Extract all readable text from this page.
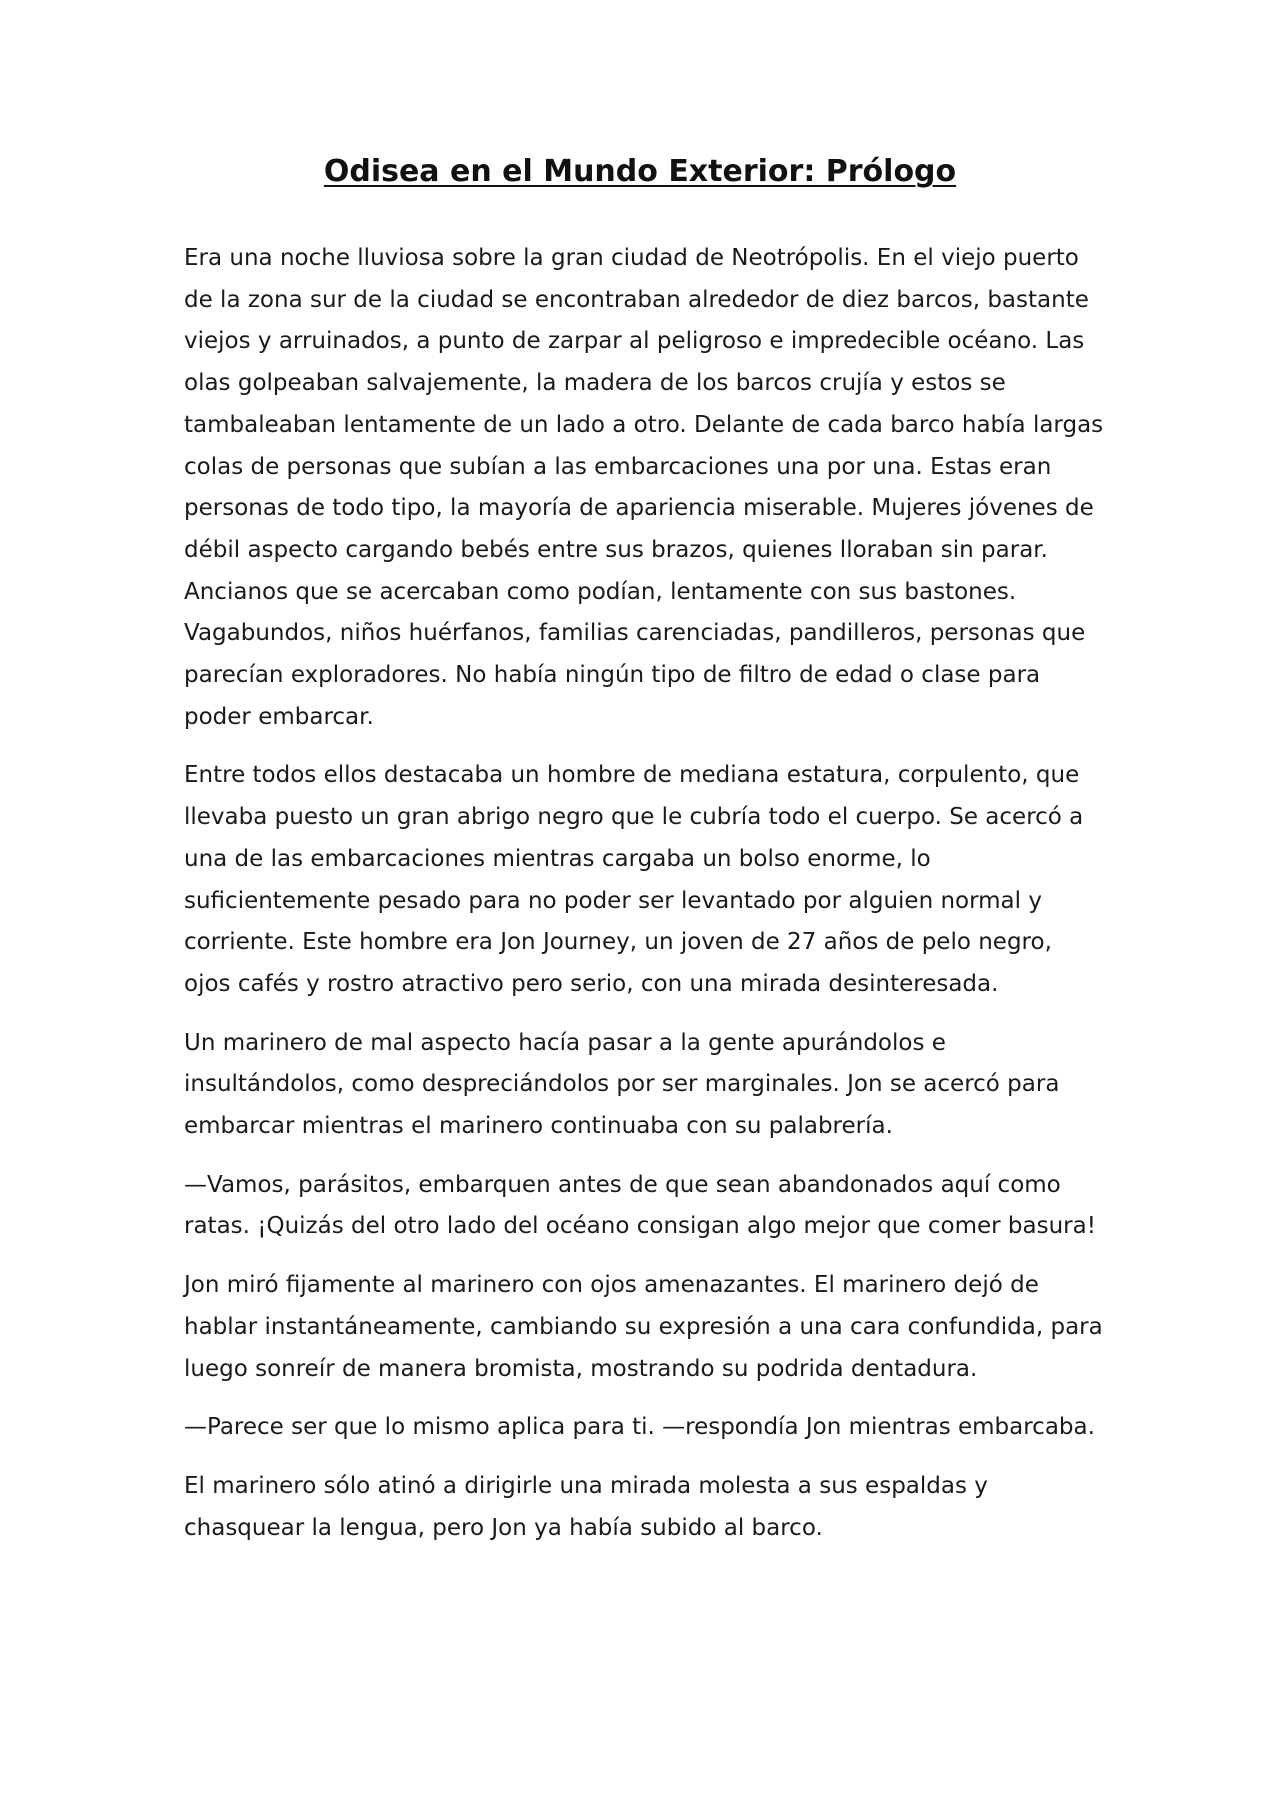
Odisea en el Mundo Exterior: Prólogo

Era una noche lluviosa sobre la gran ciudad de Neotrópolis. En el viejo puerto de la zona sur de la ciudad se encontraban alrededor de diez barcos, bastante viejos y arruinados, a punto de zarpar al peligroso e impredecible océano. Las olas golpeaban salvajemente, la madera de los barcos crujía y estos se tambaleaban lentamente de un lado a otro. Delante de cada barco había largas colas de personas que subían a las embarcaciones una por una. Estas eran personas de todo tipo, la mayoría de apariencia miserable. Mujeres jóvenes de débil aspecto cargando bebés entre sus brazos, quienes lloraban sin parar. Ancianos que se acercaban como podían, lentamente con sus bastones. Vagabundos, niños huérfanos, familias carenciadas, pandilleros, personas que parecían exploradores. No había ningún tipo de filtro de edad o clase para poder embarcar.

Entre todos ellos destacaba un hombre de mediana estatura, corpulento, que llevaba puesto un gran abrigo negro que le cubría todo el cuerpo. Se acercó a una de las embarcaciones mientras cargaba un bolso enorme, lo suficientemente pesado para no poder ser levantado por alguien normal y corriente. Este hombre era Jon Journey, un joven de 27 años de pelo negro, ojos cafés y rostro atractivo pero serio, con una mirada desinteresada.

Un marinero de mal aspecto hacía pasar a la gente apurándolos e insultándolos, como despreciándolos por ser marginales. Jon se acercó para embarcar mientras el marinero continuaba con su palabrería.

—Vamos, parásitos, embarquen antes de que sean abandonados aquí como ratas. ¡Quizás del otro lado del océano consigan algo mejor que comer basura!

Jon miró fijamente al marinero con ojos amenazantes. El marinero dejó de hablar instantáneamente, cambiando su expresión a una cara confundida, para luego sonreír de manera bromista, mostrando su podrida dentadura.

—Parece ser que lo mismo aplica para ti. —respondía Jon mientras embarcaba.

El marinero sólo atinó a dirigirle una mirada molesta a sus espaldas y chasquear la lengua, pero Jon ya había subido al barco.
